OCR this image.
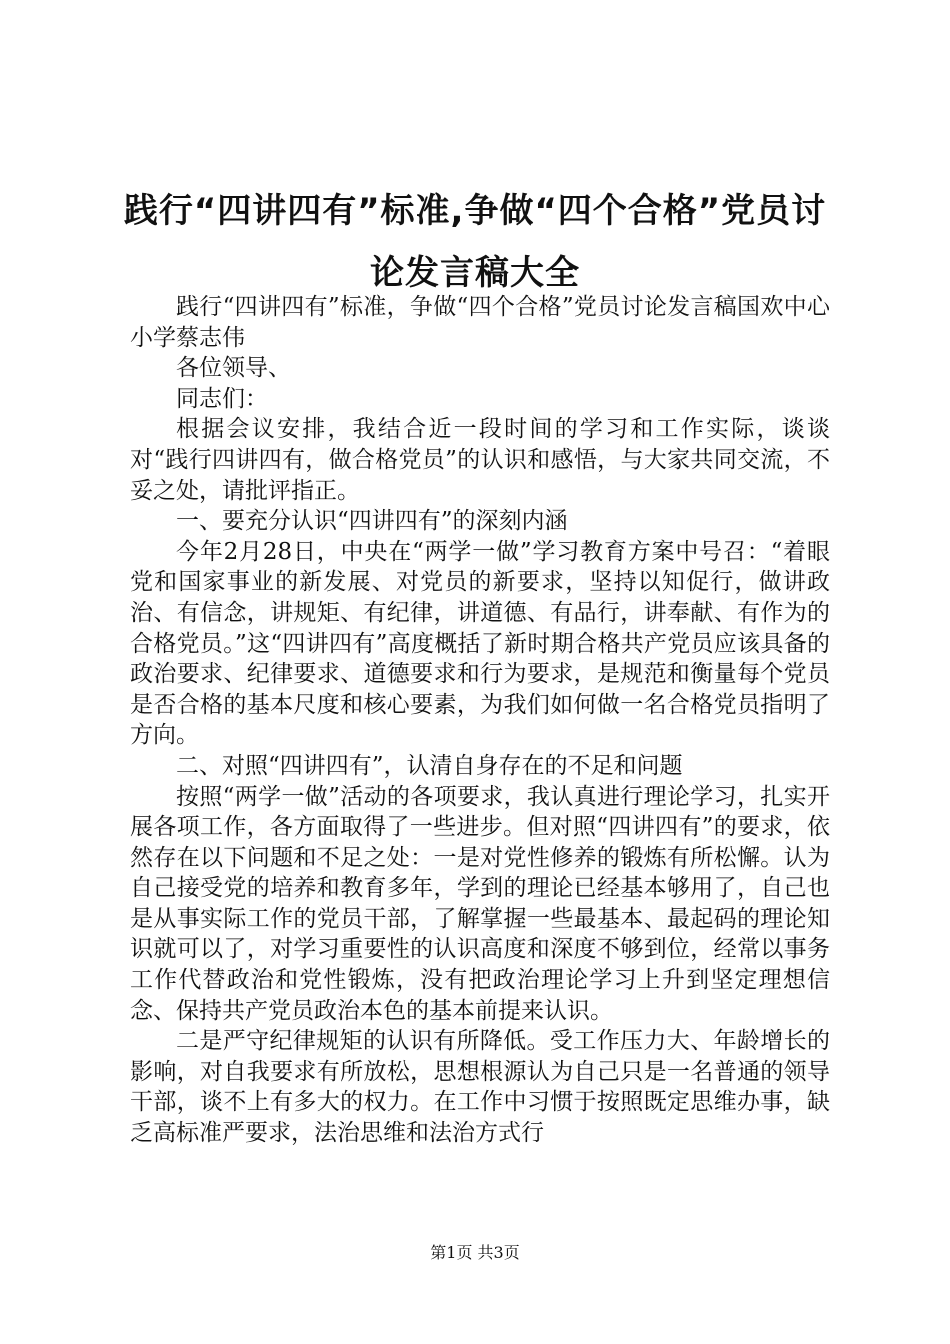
践行“四讲四有”标准,争做“四个合格”党员讨论发言稿大全

践行“四讲四有”标准，争做“四个合格”党员讨论发言稿国欢中心小学蔡志伟

各位领导、

同志们：

根据会议安排，我结合近一段时间的学习和工作实际，谈谈对“践行四讲四有，做合格党员”的认识和感悟，与大家共同交流，不妥之处，请批评指正。

一、要充分认识“四讲四有”的深刻内涵

今年2月28日，中央在“两学一做”学习教育方案中号召：“着眼党和国家事业的新发展、对党员的新要求，坚持以知促行，做讲政治、有信念，讲规矩、有纪律，讲道德、有品行，讲奉献、有作为的合格党员。”这“四讲四有”高度概括了新时期合格共产党员应该具备的政治要求、纪律要求、道德要求和行为要求，是规范和衡量每个党员是否合格的基本尺度和核心要素，为我们如何做一名合格党员指明了方向。

二、对照“四讲四有”，认清自身存在的不足和问题

按照“两学一做”活动的各项要求，我认真进行理论学习，扎实开展各项工作，各方面取得了一些进步。但对照“四讲四有”的要求，依然存在以下问题和不足之处：一是对党性修养的锻炼有所松懈。认为自己接受党的培养和教育多年，学到的理论已经基本够用了，自己也是从事实际工作的党员干部，了解掌握一些最基本、最起码的理论知识就可以了，对学习重要性的认识高度和深度不够到位，经常以事务工作代替政治和党性锻炼，没有把政治理论学习上升到坚定理想信念、保持共产党员政治本色的基本前提来认识。

二是严守纪律规矩的认识有所降低。受工作压力大、年龄增长的影响，对自我要求有所放松，思想根源认为自己只是一名普通的领导干部，谈不上有多大的权力。在工作中习惯于按照既定思维办事，缺乏高标准严要求，法治思维和法治方式行

第1页 共3页
